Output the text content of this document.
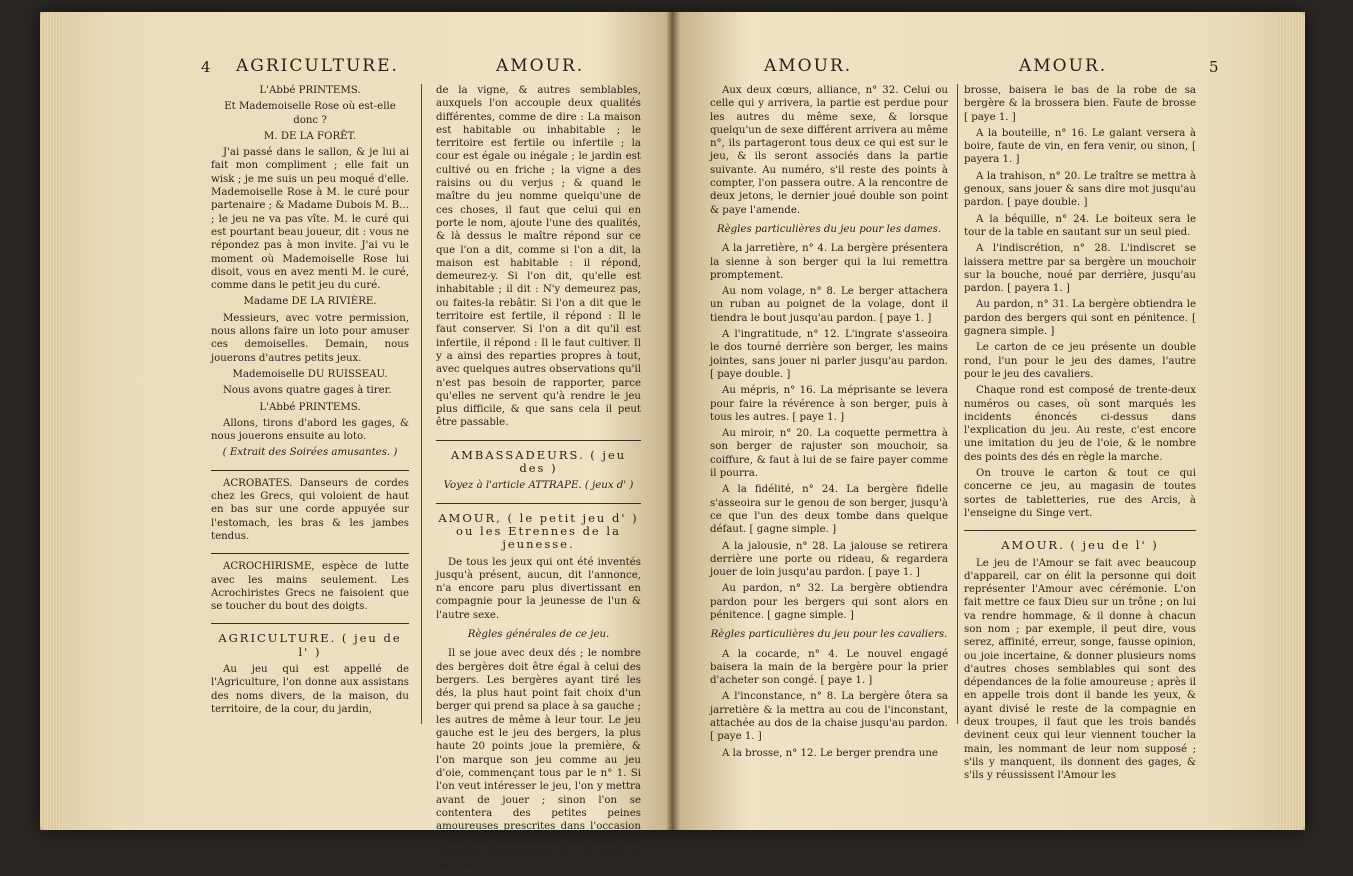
4 AGRICULTURE.	AMOUR.

L'Abbé PRINTEMS.

Et Mademoiselle Rose où est-elle donc ?

M. DE LA FORÊT.

J'ai passé dans le sallon, & je lui ai fait mon compliment ; elle fait un wisk ; je me suis un peu moqué d'elle. Mademoiselle Rose à M. le curé pour partenaire ; & Madame Dubois M. B... ; le jeu ne va pas vîte. M. le curé qui est pourtant beau joueur, dit : vous ne répondez pas à mon invite. J'ai vu le moment où Mademoiselle Rose lui disoit, vous en avez menti M. le curé, comme dans le petit jeu du curé.

Madame DE LA RIVIÈRE.

Messieurs, avec votre permission, nous allons faire un loto pour amuser ces demoiselles. Demain, nous jouerons d'autres petits jeux.

Mademoiselle DU RUISSEAU.

Nous avons quatre gages à tirer.

L'Abbé PRINTEMS.

Allons, tirons d'abord les gages, & nous jouerons ensuite au loto.

( Extrait des Soirées amusantes. )

ACROBATES. Danseurs de cordes chez les Grecs, qui voloient de haut en bas sur une corde appuyée sur l'estomach, les bras & les jambes tendus.

ACROCHIRISME, espèce de lutte avec les mains seulement. Les Acrochiristes Grecs ne faisoient que se toucher du bout des doigts.

AGRICULTURE. ( jeu de l' )

Au jeu qui est appellé de l'Agriculture, l'on donne aux assistans des noms divers, de la maison, du territoire, de la cour, du jardin,

de la vigne, & autres semblables, auxquels l'on accouple deux qualités différentes, comme de dire : La maison est habitable ou inhabitable ; le territoire est fertile ou infertile ; la cour est égale ou inégale ; le jardin est cultivé ou en friche ; la vigne a des raisins ou du verjus ; & quand le maître du jeu nomme quelqu'une de ces choses, il faut que celui qui en porte le nom, ajoute l'une des qualités, & là dessus le maître répond sur ce que l'on a dit, comme si l'on a dit, la maison est habitable : il répond, demeurez-y. Si l'on dit, qu'elle est inhabitable ; il dit : N'y demeurez pas, ou faites-la rebâtir. Si l'on a dit que le territoire est fertile, il répond : Il le faut conserver. Si l'on a dit qu'il est infertile, il répond : Il le faut cultiver. Il y a ainsi des reparties propres à tout, avec quelques autres observations qu'il n'est pas besoin de rapporter, parce qu'elles ne servent qu'à rendre le jeu plus difficile, & que sans cela il peut être passable.

AMBASSADEURS. ( jeu des )

Voyez à l'article ATTRAPE. ( jeux d' )

AMOUR, ( le petit jeu d' ) ou les Etrennes de la jeunesse.

De tous les jeux qui ont été inventés jusqu'à présent, aucun, dit l'annonce, n'a encore paru plus divertissant en compagnie pour la jeunesse de l'un & l'autre sexe.

Règles générales de ce jeu.

Il se joue avec deux dés ; le nombre des bergères doit être égal à celui des bergers. Les bergères ayant tiré les dés, la plus haut point fait choix d'un berger qui prend sa place à sa gauche ; les autres de même à leur tour. Le jeu gauche est le jeu des bergers, la plus haute 20 points joue la première, & l'on marque son jeu comme au jeu d'oie, commençant tous par le n° 1. Si l'on veut intéresser le jeu, l'on y mettra avant de jouer ; sinon l'on se contentera des petites peines amoureuses prescrites dans l'occasion ; & l'on conviendra du prix des amendes pécuniaires, si l'on veut en imposer.

AMOUR.	AMOUR.	5

Aux deux cœurs, alliance, n° 32. Celui ou celle qui y arrivera, la partie est perdue pour les autres du même sexe, & lorsque quelqu'un de sexe différent arrivera au même n°, ils partageront tous deux ce qui est sur le jeu, & ils seront associés dans la partie suivante. Au numéro, s'il reste des points à compter, l'on passera outre. A la rencontre de deux jetons, le dernier joué double son point & paye l'amende.

Règles particulières du jeu pour les dames.

A la jarretière, n° 4. La bergère présentera la sienne à son berger qui la lui remettra promptement.

Au nom volage, n° 8. Le berger attachera un ruban au poignet de la volage, dont il tiendra le bout jusqu'au pardon. [ paye 1. ]

A l'ingratitude, n° 12. L'ingrate s'asseoira le dos tourné derrière son berger, les mains jointes, sans jouer ni parler jusqu'au pardon. [ paye double. ]

Au mépris, n° 16. La méprisante se levera pour faire la révérence à son berger, puis à tous les autres. [ paye 1. ]

Au miroir, n° 20. La coquette permettra à son berger de rajuster son mouchoir, sa coiffure, & faut à lui de se faire payer comme il pourra.

A la fidélité, n° 24. La bergère fidelle s'asseoira sur le genou de son berger, jusqu'à ce que l'un des deux tombe dans quelque défaut. [ gagne simple. ]

A la jalousie, n° 28. La jalouse se retirera derrière une porte ou rideau, & regardera jouer de loin jusqu'au pardon. [ paye 1. ]

Au pardon, n° 32. La bergère obtiendra pardon pour les bergers qui sont alors en pénitence. [ gagne simple. ]

Règles particulières du jeu pour les cavaliers.

A la cocarde, n° 4. Le nouvel engagé baisera la main de la bergère pour la prier d'acheter son congé. [ paye 1. ]

A l'inconstance, n° 8. La bergère ôtera sa jarretière & la mettra au cou de l'inconstant, attachée au dos de la chaise jusqu'au pardon. [ paye 1. ]

A la brosse, n° 12. Le berger prendra une

brosse, baisera le bas de la robe de sa bergère & la brossera bien. Faute de brosse [ paye 1. ]

A la bouteille, n° 16. Le galant versera à boire, faute de vin, en fera venir, ou sinon, [ payera 1. ]

A la trahison, n° 20. Le traître se mettra à genoux, sans jouer & sans dire mot jusqu'au pardon. [ paye double. ]

A la béquille, n° 24. Le boiteux sera le tour de la table en sautant sur un seul pied.

A l'indiscrétion, n° 28. L'indiscret se laissera mettre par sa bergère un mouchoir sur la bouche, noué par derrière, jusqu'au pardon. [ payera 1. ]

Au pardon, n° 31. La bergère obtiendra le pardon des bergers qui sont en pénitence. [ gagnera simple. ]

Le carton de ce jeu présente un double rond, l'un pour le jeu des dames, l'autre pour le jeu des cavaliers.

Chaque rond est composé de trente-deux numéros ou cases, où sont marqués les incidents énoncés ci-dessus dans l'explication du jeu. Au reste, c'est encore une imitation du jeu de l'oie, & le nombre des points des dés en règle la marche.

On trouve le carton & tout ce qui concerne ce jeu, au magasin de toutes sortes de tabletteries, rue des Arcis, à l'enseigne du Singe vert.

AMOUR. ( jeu de l' )

Le jeu de l'Amour se fait avec beaucoup d'appareil, car on élit la personne qui doit représenter l'Amour avec cérémonie. L'on fait mettre ce faux Dieu sur un trône ; on lui va rendre hommage, & il donne à chacun son nom ; par exemple, il peut dire, vous serez, affinité, erreur, songe, fausse opinion, ou joie incertaine, & donner plusieurs noms d'autres choses semblables qui sont des dépendances de la folie amoureuse ; après il en appelle trois dont il bande les yeux, & ayant divisé le reste de la compagnie en deux troupes, il faut que les trois bandés devinent ceux qui leur viennent toucher la main, les nommant de leur nom supposé ; s'ils y manquent, ils donnent des gages, & s'ils y réussissent l'Amour les
